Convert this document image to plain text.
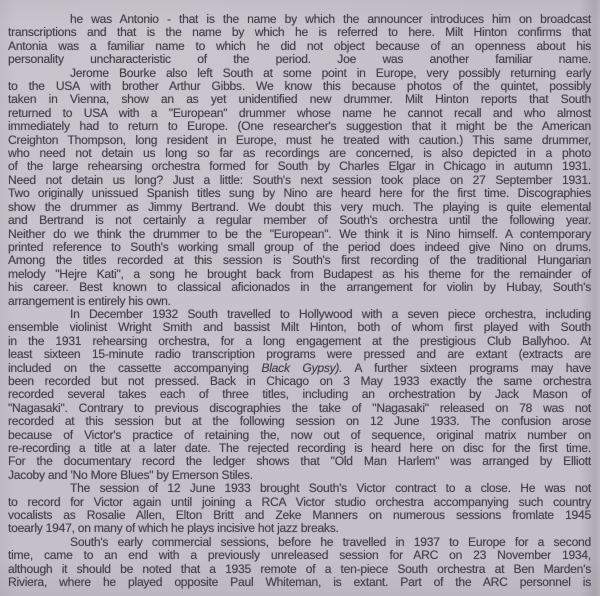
he was Antonio - that is the name by which the announcer introduces him on broadcast
transcriptions and that is the name by which he is referred to here. Milt Hinton confirms that
Antonia was a familiar name to which he did not object because of an openness about his
personality uncharacteristic of the period. Joe was another familiar name.
Jerome Bourke also left South at some point in Europe, very possibly returning early
to the USA with brother Arthur Gibbs. We know this because photos of the quintet, possibly
taken in Vienna, show an as yet unidentified new drummer. Milt Hinton reports that South
returned to USA with a "European" drummer whose name he cannot recall and who almost
immediately had to return to Europe. (One researcher's suggestion that it might be the American
Creighton Thompson, long resident in Europe, must he treated with caution.) This same drummer,
who need not detain us long so far as recordings are concerned, is also depicted in a photo
of the large rehearsing orchestra formed for South by Charles Elgar in Chicago in autumn 1931.
Need not detain us long? Just a little: South's next session took place on 27 September 1931.
Two originally unissued Spanish titles sung by Nino are heard here for the first time. Discographies
show the drummer as Jimmy Bertrand. We doubt this very much. The playing is quite elemental
and Bertrand is not certainly a regular member of South's orchestra until the following year.
Neither do we think the drummer to be the "European". We think it is Nino himself. A contemporary
printed reference to South's working small group of the period does indeed give Nino on drums.
Among the titles recorded at this session is South's first recording of the traditional Hungarian
melody "Hejre Kati", a song he brought back from Budapest as his theme for the remainder of
his career. Best known to classical aficionados in the arrangement for violin by Hubay, South's
arrangement is entirely his own.
In December 1932 South travelled to Hollywood with a seven piece orchestra, including
ensemble violinist Wright Smith and bassist Milt Hinton, both of whom first played with South
in the 1931 rehearsing orchestra, for a long engagement at the prestigious Club Ballyhoo. At
least sixteen 15-minute radio transcription programs were pressed and are extant (extracts are
included on the cassette accompanying Black Gypsy). A further sixteen programs may have
been recorded but not pressed. Back in Chicago on 3 May 1933 exactly the same orchestra
recorded several takes each of three titles, including an orchestration by Jack Mason of
"Nagasaki". Contrary to previous discographies the take of "Nagasaki" released on 78 was not
recorded at this session but at the following session on 12 June 1933. The confusion arose
because of Victor's practice of retaining the, now out of sequence, original matrix number on
re-recording a title at a later date. The rejected recording is heard here on disc for the first time.
For the documentary record the ledger shows that "Old Man Harlem" was arranged by Elliott
Jacoby and 'No More Blues" by Emerson Stiles.
The session of 12 June 1933 brought South's Victor contract to a close. He was not
to record for Victor again until joining a RCA Victor studio orchestra accompanying such country
vocalists as Rosalie Allen, Elton Britt and Zeke Manners on numerous sessions fromlate 1945
toearly 1947, on many of which he plays incisive hot jazz breaks.
South's early commercial sessions, before he travelled in 1937 to Europe for a second
time, came to an end with a previously unreleased session for ARC on 23 November 1934,
although it should be noted that a 1935 remote of a ten-piece South orchestra at Ben Marden's
Riviera, where he played opposite Paul Whiteman, is extant. Part of the ARC personnel is
